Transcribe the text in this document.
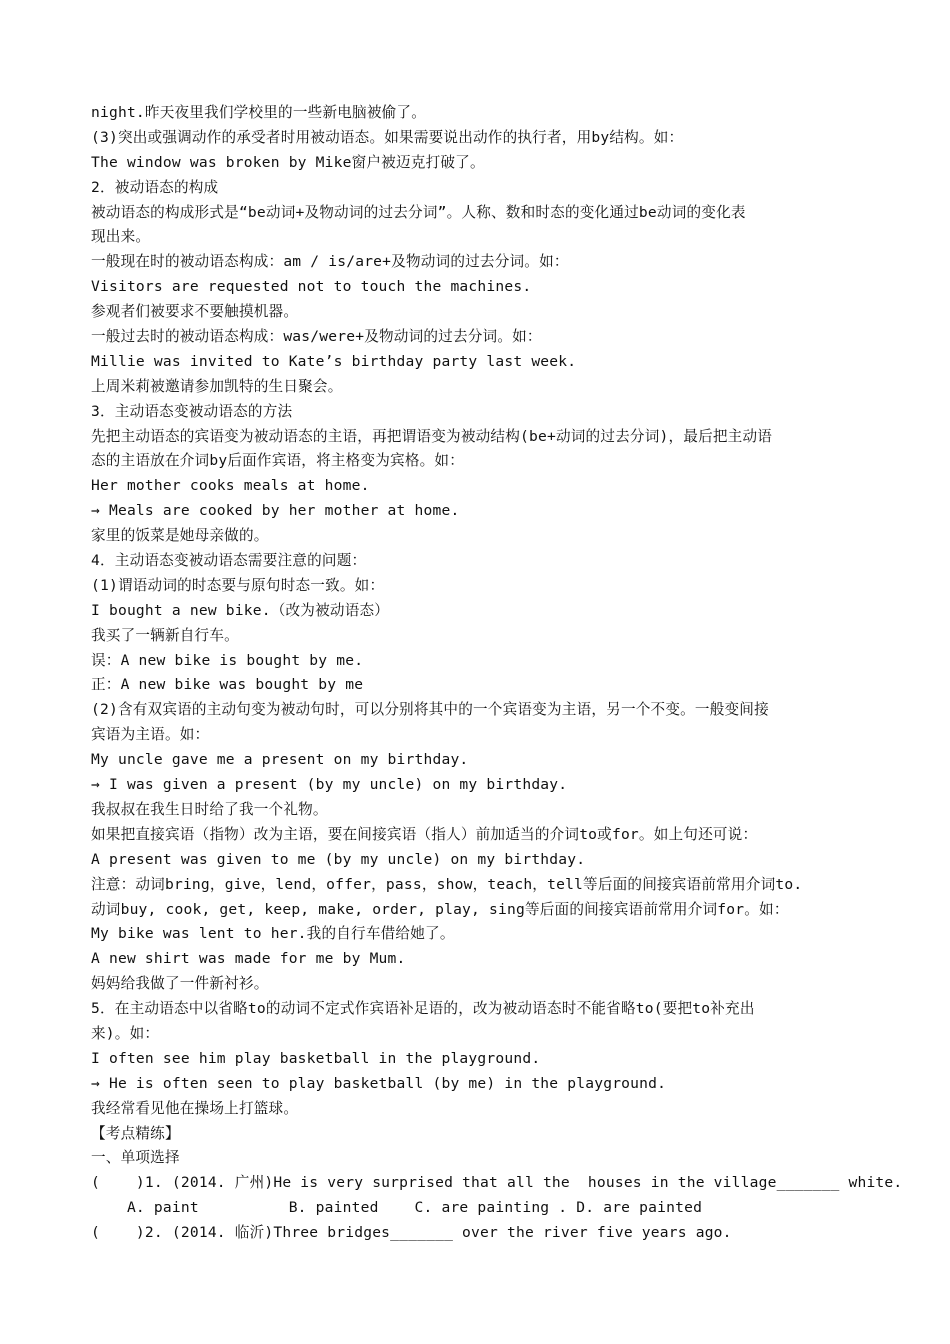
night.昨天夜里我们学校里的一些新电脑被偷了。
(3)突出或强调动作的承受者时用被动语态。如果需要说出动作的执行者，用by结构。如：
The window was broken by Mike窗户被迈克打破了。
2．被动语态的构成
被动语态的构成形式是“be动词+及物动词的过去分词”。人称、数和时态的变化通过be动词的变化表
现出来。
一般现在时的被动语态构成：am / is/are+及物动词的过去分词。如：
Visitors are requested not to touch the machines.
参观者们被要求不要触摸机器。
一般过去时的被动语态构成：was/were+及物动词的过去分词。如：
Millie was invited to Kate’s birthday party last week.
上周米莉被邀请参加凯特的生日聚会。
3．主动语态变被动语态的方法
先把主动语态的宾语变为被动语态的主语，再把谓语变为被动结构(be+动词的过去分词)，最后把主动语
态的主语放在介词by后面作宾语，将主格变为宾格。如：
Her mother cooks meals at home.
→ Meals are cooked by her mother at home.
家里的饭菜是她母亲做的。
4．主动语态变被动语态需要注意的问题：
(1)谓语动词的时态要与原句时态一致。如：
I bought a new bike.（改为被动语态）
我买了一辆新自行车。
误：A new bike is bought by me.
正：A new bike was bought by me
(2)含有双宾语的主动句变为被动句时，可以分别将其中的一个宾语变为主语，另一个不变。一般变间接
宾语为主语。如：
My uncle gave me a present on my birthday.
→ I was given a present (by my uncle) on my birthday.
我叔叔在我生日时给了我一个礼物。
如果把直接宾语（指物）改为主语，要在间接宾语（指人）前加适当的介词to或for。如上句还可说：
A present was given to me (by my uncle) on my birthday.
注意：动词bring，give，lend，offer，pass，show，teach，tell等后面的间接宾语前常用介词to.
动词buy, cook, get, keep, make, order, play, sing等后面的间接宾语前常用介词for。如：
My bike was lent to her.我的自行车借给她了。
A new shirt was made for me by Mum.
妈妈给我做了一件新衬衫。
5．在主动语态中以省略to的动词不定式作宾语补足语的，改为被动语态时不能省略to(要把to补充出
来)。如：
I often see him play basketball in the playground.
→ He is often seen to play basketball (by me) in the playground.
我经常看见他在操场上打篮球。
【考点精练】
一、单项选择
(    )1. (2014. 广州)He is very surprised that all the  houses in the village_______ white.
A. paint          B. painted    C. are painting . D. are painted
(    )2. (2014. 临沂)Three bridges_______ over the river five years ago.
